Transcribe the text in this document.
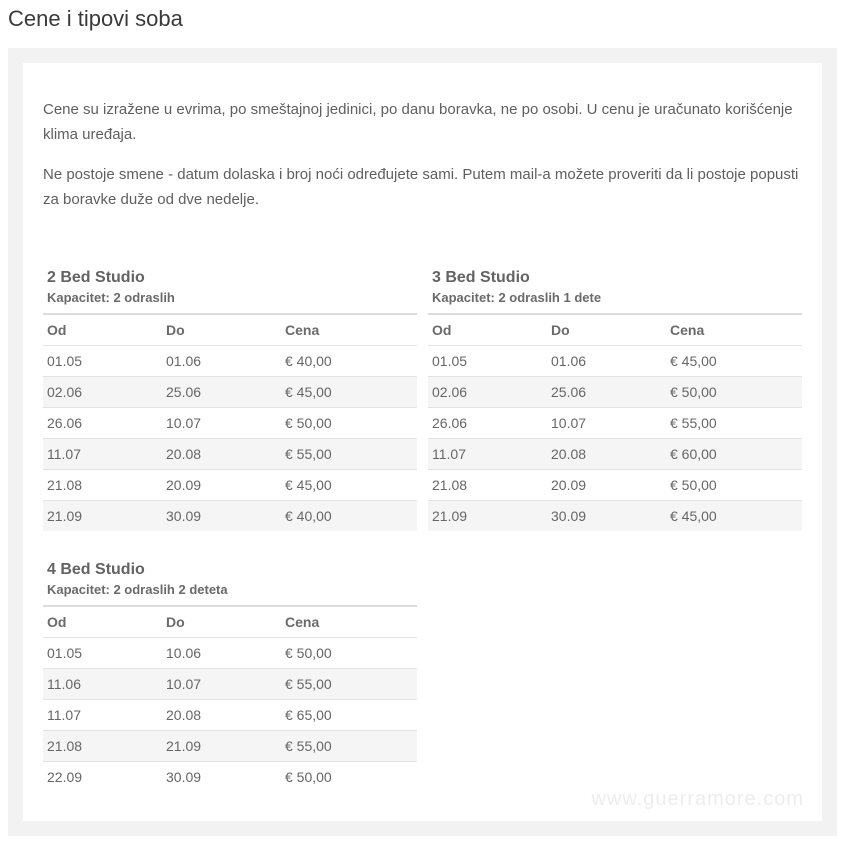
Cene i tipovi soba

Cene su izražene u evrima, po smeštajnoj jedinici, po danu boravka, ne po osobi. U cenu je uračunato korišćenje klima uređaja.

Ne postoje smene - datum dolaska i broj noći određujete sami. Putem mail-a možete proveriti da li postoje popusti za boravke duže od dve nedelje.

2 Bed Studio
Kapacitet: 2 odraslih
Od	Do	Cena
01.05	01.06	€ 40,00
02.06	25.06	€ 45,00
26.06	10.07	€ 50,00
11.07	20.08	€ 55,00
21.08	20.09	€ 45,00
21.09	30.09	€ 40,00
3 Bed Studio
Kapacitet: 2 odraslih 1 dete
Od	Do	Cena
01.05	01.06	€ 45,00
02.06	25.06	€ 50,00
26.06	10.07	€ 55,00
11.07	20.08	€ 60,00
21.08	20.09	€ 50,00
21.09	30.09	€ 45,00
4 Bed Studio
Kapacitet: 2 odraslih 2 deteta
Od	Do	Cena
01.05	10.06	€ 50,00
11.06	10.07	€ 55,00
11.07	20.08	€ 65,00
21.08	21.09	€ 55,00
22.09	30.09	€ 50,00
www.guerramore.com
